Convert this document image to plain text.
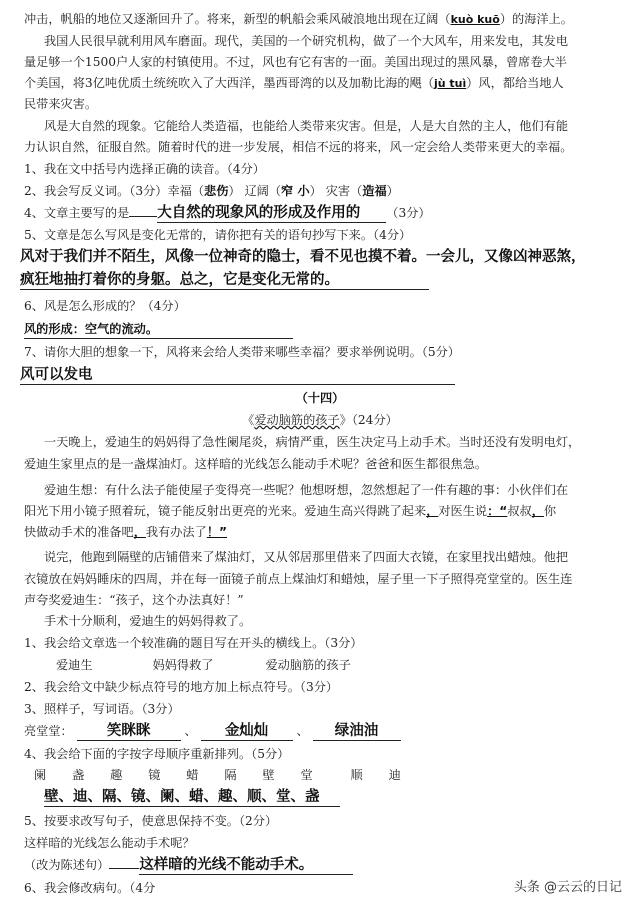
冲击，帆船的地位又逐渐回升了。将来，新型的帆船会乘风破浪地出现在辽阔（kuò kuō）的海洋上。
我国人民很早就利用风车磨面。现代，美国的一个研究机构，做了一个大风车，用来发电，其发电
量足够一个1500户人家的村镇使用。不过，风也有它有害的一面。美国出现过的黑风暴，曾席卷大半
个美国，将3亿吨优质土统统吹入了大西洋，墨西哥湾的以及加勒比海的飓（jù tuì）风，都给当地人
民带来灾害。
风是大自然的现象。它能给人类造福，也能给人类带来灾害。但是，人是大自然的主人，他们有能
力认识自然，征服自然。随着时代的进一步发展，相信不远的将来，风一定会给人类带来更大的幸福。
1、我在文中括号内选择正确的读音。（4分）
2、我会写反义词。（3分）幸福（悲伤） 辽阔（窄 小） 灾害（造福）
4、文章主要写的是 大自然的现象风的形成及作用的 （3分）
5、文章是怎么写风是变化无常的，请你把有关的语句抄写下来。（4分）
风对于我们并不陌生，风像一位神奇的隐士，看不见也摸不着。一会儿，又像凶神恶煞，
疯狂地抽打着你的身躯。总之，它是变化无常的。
6、风是怎么形成的？（4分）
风的形成：空气的流动。
7、请你大胆的想象一下，风将来会给人类带来哪些幸福？要求举例说明。（5分）
风可以发电
（十四）
《爱动脑筋的孩子》（24分）
一天晚上，爱迪生的妈妈得了急性阑尾炎，病情严重，医生决定马上动手术。当时还没有发明电灯，
爱迪生家里点的是一盏煤油灯。这样暗的光线怎么能动手术呢？爸爸和医生都很焦急。
爱迪生想：有什么法子能使屋子变得亮一些呢？他想呀想，忽然想起了一件有趣的事：小伙伴们在
阳光下用小镜子照着玩，镜子能反射出更亮的光来。爱迪生高兴得跳了起来，对医生说：“叔叔，你
快做动手术的准备吧，我有办法了！”
说完，他跑到隔壁的店铺借来了煤油灯，又从邻居那里借来了四面大衣镜，在家里找出蜡烛。他把
衣镜放在妈妈睡床的四周，并在每一面镜子前点上煤油灯和蜡烛，屋子里一下子照得亮堂堂的。医生连
声夸奖爱迪生：“孩子，这个办法真好！”
手术十分顺利，爱迪生的妈妈得救了。
1、我会给文章选一个较准确的题目写在开头的横线上。（3分）
爱迪生	妈妈得救了	爱动脑筋的孩子
2、我会给文中缺少标点符号的地方加上标点符号。（3分）
3、照样子，写词语。（3分）
亮堂堂： 笑眯眯	、 金灿灿 、 绿油油
4、我会给下面的字按字母顺序重新排列。（5分）
阑 盏 趣 镜 蜡 隔 壁 堂	顺 迪
壁、迪、隔、镜、阑、蜡、趣、顺、堂、盏
5、按要求改写句子，使意思保持不变。（2分）
这样暗的光线怎么能动手术呢？
（改为陈述句） 这样暗的光线不能动手术。
6、我会修改病句。（4分	头条 @云云的日记
